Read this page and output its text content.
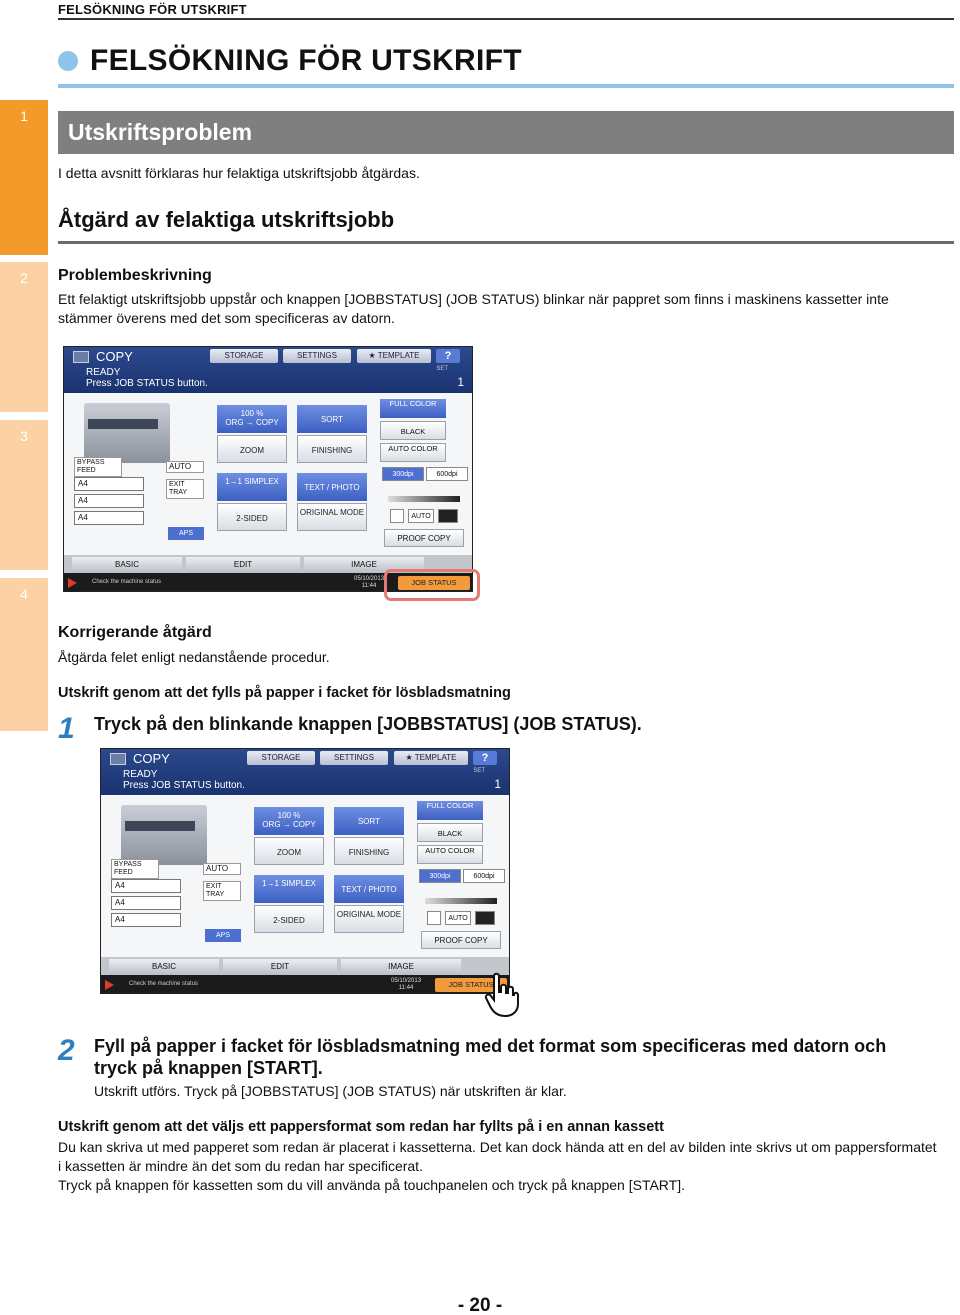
1
2
3
4
FELSÖKNING FÖR UTSKRIFT
FELSÖKNING FÖR UTSKRIFT
Utskriftsproblem
I detta avsnitt förklaras hur felaktiga utskriftsjobb åtgärdas.
Åtgärd av felaktiga utskriftsjobb
Problembeskrivning
Ett felaktigt utskriftsjobb uppstår och knappen [JOBBSTATUS] (JOB STATUS) blinkar när pappret som finns i maskinens kassetter inte stämmer överens med det som specificeras av datorn.
COPY	STORAGE	SETTINGS	★ TEMPLATE	?
READY
Press JOB STATUS button.
SET
1
BYPASS FEED
A4
A4
A4
AUTO
EXIT TRAY
APS
100 %
ORG → COPY	SORT
ZOOM	FINISHING
1→1 SIMPLEX
TEXT / PHOTO
2-SIDED
ORIGINAL MODE
FULL COLOR
BLACK
AUTO COLOR
300dpi	600dpi
AUTO
PROOF COPY
BASIC	EDIT	IMAGE
Check the machine status	05/10/2013
11:44	JOB STATUS
Korrigerande åtgärd
Åtgärda felet enligt nedanstående procedur.
Utskrift genom att det fylls på papper i facket för lösbladsmatning
1 Tryck på den blinkande knappen [JOBBSTATUS] (JOB STATUS).
COPY	STORAGE	SETTINGS	★ TEMPLATE	?
READY
Press JOB STATUS button.
SET
1
BYPASS FEED
A4
A4
A4
AUTO
EXIT TRAY
APS
100 %
ORG → COPY	SORT
ZOOM	FINISHING
1→1 SIMPLEX
TEXT / PHOTO
2-SIDED
ORIGINAL MODE
FULL COLOR
BLACK
AUTO COLOR
300dpi	600dpi
AUTO
PROOF COPY
BASIC	EDIT	IMAGE
Check the machine status	05/10/2013
11:44	JOB STATUS
2 Fyll på papper i facket för lösbladsmatning med det format som specificeras med datorn och tryck på knappen [START].
Utskrift utförs. Tryck på [JOBBSTATUS] (JOB STATUS) när utskriften är klar.
Utskrift genom att det väljs ett pappersformat som redan har fyllts på i en annan kassett
Du kan skriva ut med papperet som redan är placerat i kassetterna. Det kan dock hända att en del av bilden inte skrivs ut om pappersformatet i kassetten är mindre än det som du redan har specificerat.
Tryck på knappen för kassetten som du vill använda på touchpanelen och tryck på knappen [START].
- 20 -
